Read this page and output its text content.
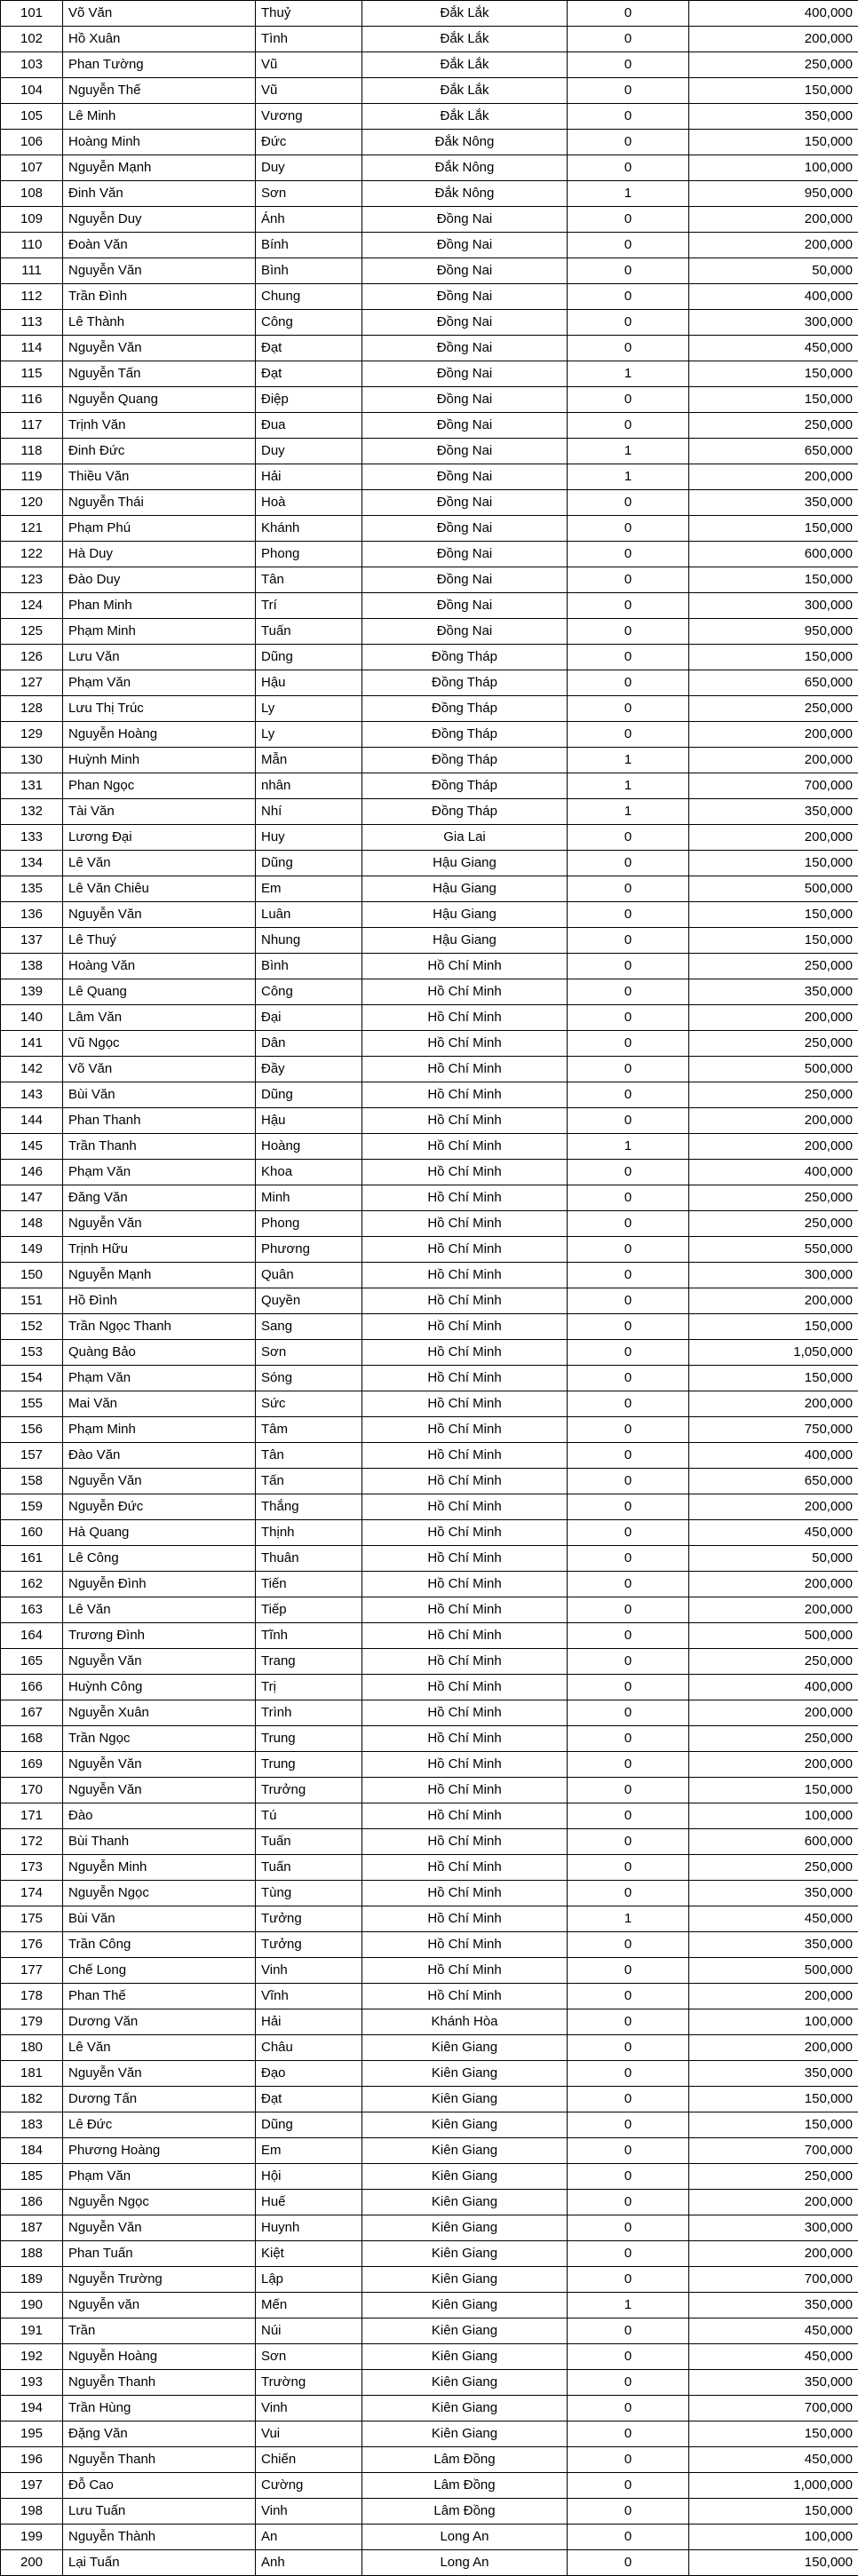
101	Võ Văn	Thuỷ	Đắk Lắk	0	400,000
102	Hồ Xuân	Tình	Đắk Lắk	0	200,000
103	Phan Tường	Vũ	Đắk Lắk	0	250,000
104	Nguyễn Thế	Vũ	Đắk Lắk	0	150,000
105	Lê Minh	Vương	Đắk Lắk	0	350,000
106	Hoàng Minh	Đức	Đắk Nông	0	150,000
107	Nguyễn Mạnh	Duy	Đắk Nông	0	100,000
108	Đinh Văn	Sơn	Đắk Nông	1	950,000
109	Nguyễn Duy	Ánh	Đồng Nai	0	200,000
110	Đoàn Văn	Bính	Đồng Nai	0	200,000
111	Nguyễn Văn	Bình	Đồng Nai	0	50,000
112	Trần Đình	Chung	Đồng Nai	0	400,000
113	Lê Thành	Công	Đồng Nai	0	300,000
114	Nguyễn Văn	Đạt	Đồng Nai	0	450,000
115	Nguyễn Tấn	Đạt	Đồng Nai	1	150,000
116	Nguyễn Quang	Điệp	Đồng Nai	0	150,000
117	Trịnh Văn	Đua	Đồng Nai	0	250,000
118	Đinh Đức	Duy	Đồng Nai	1	650,000
119	Thiều Văn	Hải	Đồng Nai	1	200,000
120	Nguyễn Thái	Hoà	Đồng Nai	0	350,000
121	Phạm Phú	Khánh	Đồng Nai	0	150,000
122	Hà Duy	Phong	Đồng Nai	0	600,000
123	Đào Duy	Tân	Đồng Nai	0	150,000
124	Phan Minh	Trí	Đồng Nai	0	300,000
125	Phạm Minh	Tuấn	Đồng Nai	0	950,000
126	Lưu Văn	Dũng	Đồng Tháp	0	150,000
127	Phạm Văn	Hậu	Đồng Tháp	0	650,000
128	Lưu Thị Trúc	Ly	Đồng Tháp	0	250,000
129	Nguyễn Hoàng	Ly	Đồng Tháp	0	200,000
130	Huỳnh Minh	Mẫn	Đồng Tháp	1	200,000
131	Phan Ngọc	nhân	Đồng Tháp	1	700,000
132	Tài Văn	Nhí	Đồng Tháp	1	350,000
133	Lương Đại	Huy	Gia Lai	0	200,000
134	Lê Văn	Dũng	Hậu Giang	0	150,000
135	Lê Văn Chiêu	Em	Hậu Giang	0	500,000
136	Nguyễn Văn	Luân	Hậu Giang	0	150,000
137	Lê Thuý	Nhung	Hậu Giang	0	150,000
138	Hoàng Văn	Bình	Hồ Chí Minh	0	250,000
139	Lê Quang	Công	Hồ Chí Minh	0	350,000
140	Lâm Văn	Đại	Hồ Chí Minh	0	200,000
141	Vũ Ngọc	Dân	Hồ Chí Minh	0	250,000
142	Võ Văn	Đầy	Hồ Chí Minh	0	500,000
143	Bùi Văn	Dũng	Hồ Chí Minh	0	250,000
144	Phan Thanh	Hậu	Hồ Chí Minh	0	200,000
145	Trần Thanh	Hoàng	Hồ Chí Minh	1	200,000
146	Phạm Văn	Khoa	Hồ Chí Minh	0	400,000
147	Đăng Văn	Minh	Hồ Chí Minh	0	250,000
148	Nguyễn Văn	Phong	Hồ Chí Minh	0	250,000
149	Trịnh Hữu	Phương	Hồ Chí Minh	0	550,000
150	Nguyễn Mạnh	Quân	Hồ Chí Minh	0	300,000
151	Hồ Đình	Quyền	Hồ Chí Minh	0	200,000
152	Trần Ngọc Thanh	Sang	Hồ Chí Minh	0	150,000
153	Quàng Bảo	Sơn	Hồ Chí Minh	0	1,050,000
154	Phạm Văn	Sóng	Hồ Chí Minh	0	150,000
155	Mai Văn	Sức	Hồ Chí Minh	0	200,000
156	Phạm Minh	Tâm	Hồ Chí Minh	0	750,000
157	Đào Văn	Tân	Hồ Chí Minh	0	400,000
158	Nguyễn Văn	Tấn	Hồ Chí Minh	0	650,000
159	Nguyễn Đức	Thắng	Hồ Chí Minh	0	200,000
160	Hà Quang	Thịnh	Hồ Chí Minh	0	450,000
161	Lê Công	Thuân	Hồ Chí Minh	0	50,000
162	Nguyễn Đình	Tiến	Hồ Chí Minh	0	200,000
163	Lê Văn	Tiếp	Hồ Chí Minh	0	200,000
164	Trương Đình	Tĩnh	Hồ Chí Minh	0	500,000
165	Nguyễn Văn	Trang	Hồ Chí Minh	0	250,000
166	Huỳnh Công	Trị	Hồ Chí Minh	0	400,000
167	Nguyễn Xuân	Trình	Hồ Chí Minh	0	200,000
168	Trần Ngọc	Trung	Hồ Chí Minh	0	250,000
169	Nguyễn Văn	Trung	Hồ Chí Minh	0	200,000
170	Nguyễn Văn	Trưởng	Hồ Chí Minh	0	150,000
171	Đào	Tú	Hồ Chí Minh	0	100,000
172	Bùi Thanh	Tuấn	Hồ Chí Minh	0	600,000
173	Nguyễn Minh	Tuấn	Hồ Chí Minh	0	250,000
174	Nguyễn Ngọc	Tùng	Hồ Chí Minh	0	350,000
175	Bùi Văn	Tưởng	Hồ Chí Minh	1	450,000
176	Trần Công	Tưởng	Hồ Chí Minh	0	350,000
177	Chế Long	Vinh	Hồ Chí Minh	0	500,000
178	Phan Thế	Vĩnh	Hồ Chí Minh	0	200,000
179	Dương Văn	Hải	Khánh Hòa	0	100,000
180	Lê Văn	Châu	Kiên Giang	0	200,000
181	Nguyễn Văn	Đạo	Kiên Giang	0	350,000
182	Dương Tấn	Đạt	Kiên Giang	0	150,000
183	Lê Đức	Dũng	Kiên Giang	0	150,000
184	Phương Hoàng	Em	Kiên Giang	0	700,000
185	Phạm Văn	Hội	Kiên Giang	0	250,000
186	Nguyễn Ngọc	Huế	Kiên Giang	0	200,000
187	Nguyễn Văn	Huynh	Kiên Giang	0	300,000
188	Phan Tuấn	Kiệt	Kiên Giang	0	200,000
189	Nguyễn Trường	Lập	Kiên Giang	0	700,000
190	Nguyễn văn	Mến	Kiên Giang	1	350,000
191	Trần	Núi	Kiên Giang	0	450,000
192	Nguyễn Hoàng	Sơn	Kiên Giang	0	450,000
193	Nguyễn Thanh	Trường	Kiên Giang	0	350,000
194	Trần Hùng	Vinh	Kiên Giang	0	700,000
195	Đặng Văn	Vui	Kiên Giang	0	150,000
196	Nguyễn Thanh	Chiến	Lâm Đồng	0	450,000
197	Đỗ Cao	Cường	Lâm Đồng	0	1,000,000
198	Lưu Tuấn	Vinh	Lâm Đồng	0	150,000
199	Nguyễn Thành	An	Long An	0	100,000
200	Lại Tuấn	Anh	Long An	0	150,000
